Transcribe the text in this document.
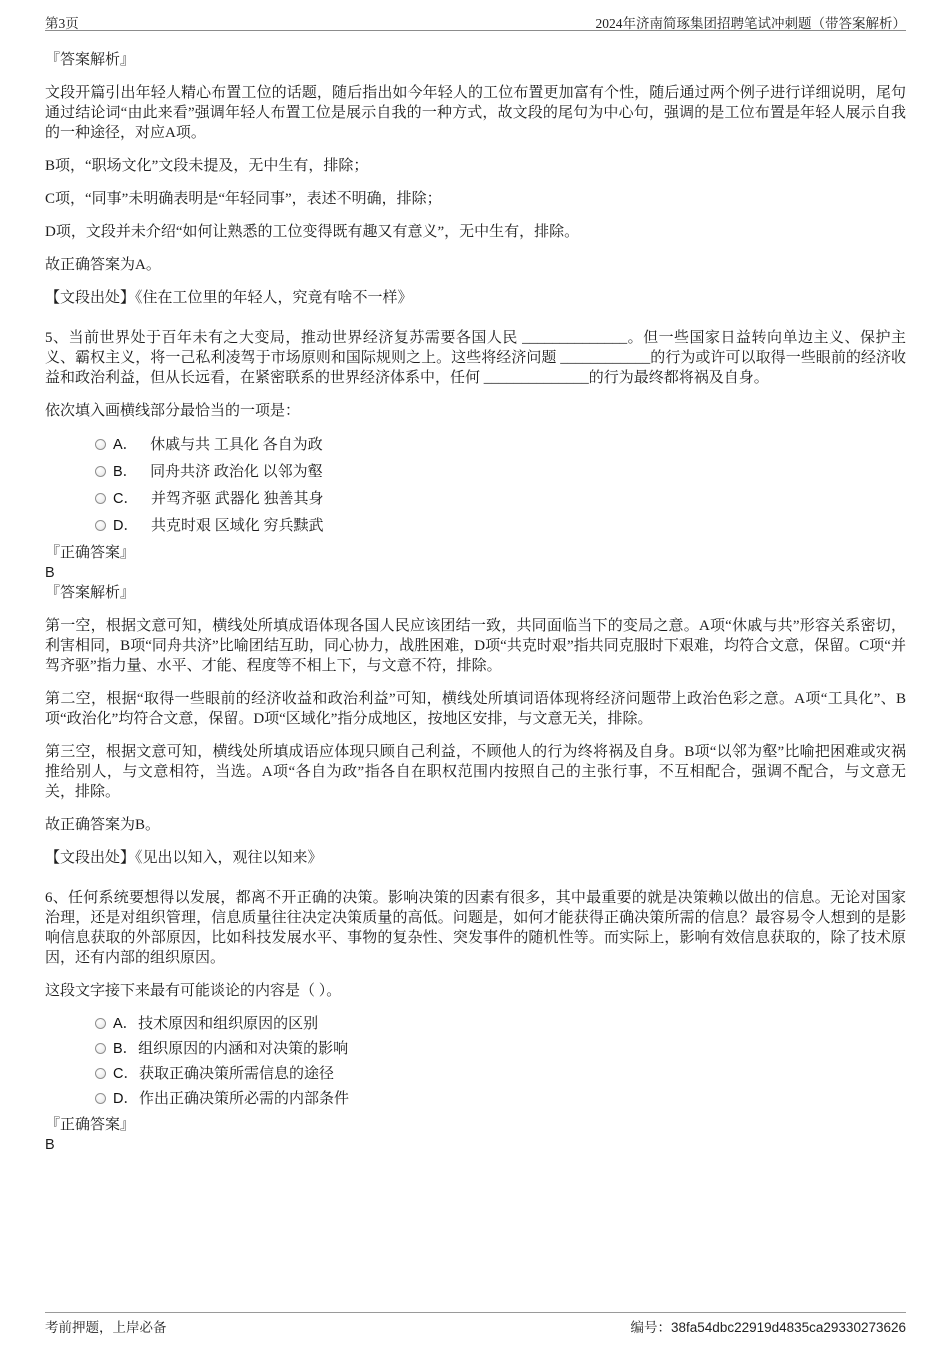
第3页	2024年济南简琢集团招聘笔试冲刺题（带答案解析）

『答案解析』

文段开篇引出年轻人精心布置工位的话题，随后指出如今年轻人的工位布置更加富有个性，随后通过两个例子进行详细说明，尾句通过结论词“由此来看”强调年轻人布置工位是展示自我的一种方式，故文段的尾句为中心句，强调的是工位布置是年轻人展示自我的一种途径，对应A项。

B项，“职场文化”文段未提及，无中生有，排除；

C项，“同事”未明确表明是“年轻同事”，表述不明确，排除；

D项，文段并未介绍“如何让熟悉的工位变得既有趣又有意义”，无中生有，排除。

故正确答案为A。

【文段出处】《住在工位里的年轻人，究竟有啥不一样》

5、当前世界处于百年未有之大变局，推动世界经济复苏需要各国人民 ______________。但一些国家日益转向单边主义、保护主义、霸权主义，将一己私利凌驾于市场原则和国际规则之上。这些将经济问题 ____________的行为或许可以取得一些眼前的经济收益和政治利益，但从长远看，在紧密联系的世界经济体系中，任何 ______________的行为最终都将祸及自身。

依次填入画横线部分最恰当的一项是：

A． 休戚与共 工具化 各自为政
B． 同舟共济 政治化 以邻为壑
C． 并驾齐驱 武器化 独善其身
D． 共克时艰 区域化 穷兵黩武

『正确答案』

B

『答案解析』

第一空，根据文意可知，横线处所填成语体现各国人民应该团结一致，共同面临当下的变局之意。A项“休戚与共”形容关系密切，利害相同，B项“同舟共济”比喻团结互助，同心协力，战胜困难，D项“共克时艰”指共同克服时下艰难，均符合文意，保留。C项“并驾齐驱”指力量、水平、才能、程度等不相上下，与文意不符，排除。

第二空，根据“取得一些眼前的经济收益和政治利益”可知，横线处所填词语体现将经济问题带上政治色彩之意。A项“工具化”、B项“政治化”均符合文意，保留。D项“区域化”指分成地区，按地区安排，与文意无关，排除。

第三空，根据文意可知，横线处所填成语应体现只顾自己利益，不顾他人的行为终将祸及自身。B项“以邻为壑”比喻把困难或灾祸推给别人，与文意相符，当选。A项“各自为政”指各自在职权范围内按照自己的主张行事，不互相配合，强调不配合，与文意无关，排除。

故正确答案为B。

【文段出处】《见出以知入，观往以知来》

6、任何系统要想得以发展，都离不开正确的决策。影响决策的因素有很多，其中最重要的就是决策赖以做出的信息。无论对国家治理，还是对组织管理，信息质量往往决定决策质量的高低。问题是，如何才能获得正确决策所需的信息？最容易令人想到的是影响信息获取的外部原因，比如科技发展水平、事物的复杂性、突发事件的随机性等。而实际上，影响有效信息获取的，除了技术原因，还有内部的组织原因。

这段文字接下来最有可能谈论的内容是（ ）。

A． 技术原因和组织原因的区别
B． 组织原因的内涵和对决策的影响
C． 获取正确决策所需信息的途径
D． 作出正确决策所必需的内部条件

『正确答案』

B

考前押题，上岸必备	编号：38fa54dbc22919d4835ca29330273626
